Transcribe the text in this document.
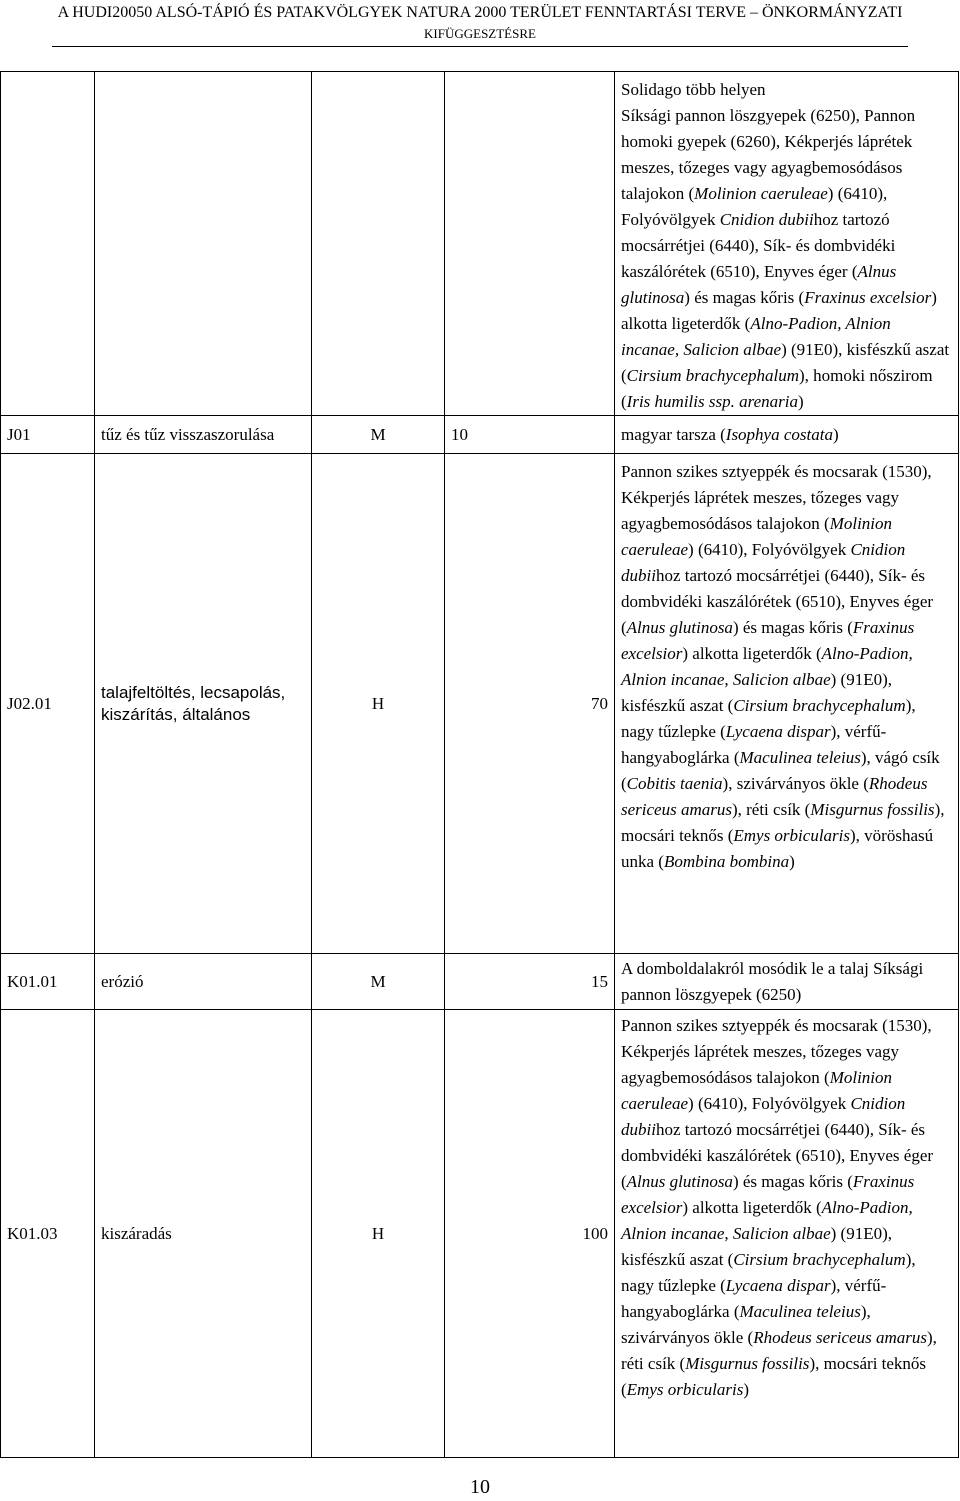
A HUDI20050 ALSÓ-TÁPIÓ ÉS PATAKVÖLGYEK NATURA 2000 TERÜLET FENNTARTÁSI TERVE – ÖNKORMÁNYZATI
KIFÜGGESZTÉSRE

				Solidago több helyen
Síksági pannon löszgyepek (6250), Pannon homoki gyepek (6260), Kékperjés láprétek meszes, tőzeges vagy agyagbemosódásos talajokon (Molinion caeruleae) (6410), Folyóvölgyek Cnidion dubiihoz tartozó mocsárrétjei (6440), Sík- és dombvidéki kaszálórétek (6510), Enyves éger (Alnus glutinosa) és magas kőris (Fraxinus excelsior) alkotta ligeterdők (Alno-Padion, Alnion incanae, Salicion albae) (91E0), kisfészkű aszat (Cirsium brachycephalum), homoki nőszirom (Iris humilis ssp. arenaria)

J01	tűz és tűz visszaszorulása	M	10	magyar tarsza (Isophya costata)
J02.01	talajfeltöltés, lecsapolás, kiszárítás, általános	H	70	Pannon szikes sztyeppék és mocsarak (1530), Kékperjés láprétek meszes, tőzeges vagy agyagbemosódásos talajokon (Molinion caeruleae) (6410), Folyóvölgyek Cnidion dubiihoz tartozó mocsárrétjei (6440), Sík- és dombvidéki kaszálórétek (6510), Enyves éger (Alnus glutinosa) és magas kőris (Fraxinus excelsior) alkotta ligeterdők (Alno-Padion, Alnion incanae, Salicion albae) (91E0), kisfészkű aszat (Cirsium brachycephalum), nagy tűzlepke (Lycaena dispar), vérfű-hangyaboglárka (Maculinea teleius), vágó csík (Cobitis taenia), szivárványos ökle (Rhodeus sericeus amarus), réti csík (Misgurnus fossilis), mocsári teknős (Emys orbicularis), vöröshasú unka (Bombina bombina)
K01.01	erózió	M	15	A domboldalakról mosódik le a talaj Síksági pannon löszgyepek (6250)
K01.03	kiszáradás	H	100	Pannon szikes sztyeppék és mocsarak (1530), Kékperjés láprétek meszes, tőzeges vagy agyagbemosódásos talajokon (Molinion caeruleae) (6410), Folyóvölgyek Cnidion dubiihoz tartozó mocsárrétjei (6440), Sík- és dombvidéki kaszálórétek (6510), Enyves éger (Alnus glutinosa) és magas kőris (Fraxinus excelsior) alkotta ligeterdők (Alno-Padion, Alnion incanae, Salicion albae) (91E0), kisfészkű aszat (Cirsium brachycephalum), nagy tűzlepke (Lycaena dispar), vérfű-hangyaboglárka (Maculinea teleius), szivárványos ökle (Rhodeus sericeus amarus), réti csík (Misgurnus fossilis), mocsári teknős (Emys orbicularis)
10
